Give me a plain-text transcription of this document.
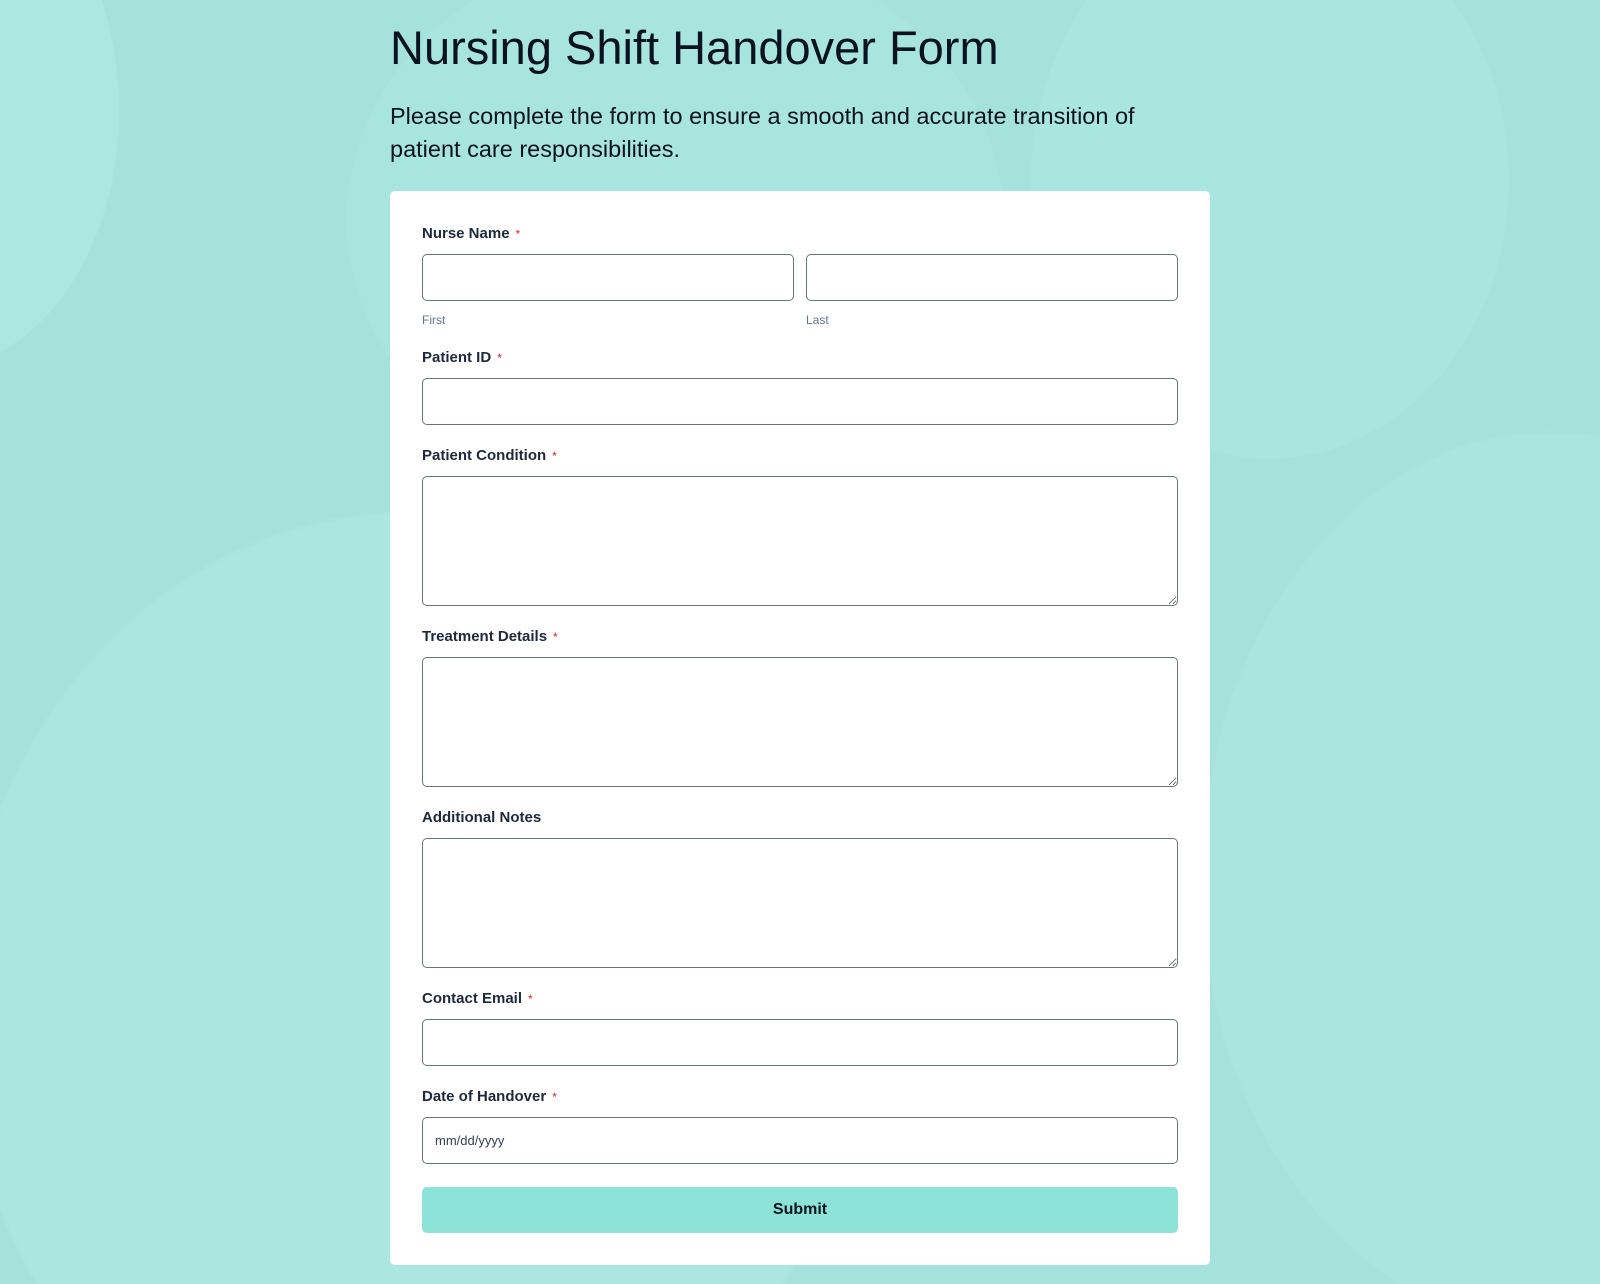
Nursing Shift Handover Form
Please complete the form to ensure a smooth and accurate transition of patient care responsibilities.
Nurse Name *
First	Last
Patient ID *
Patient Condition *
Treatment Details *
Additional Notes
Contact Email *
Date of Handover *
mm/dd/yyyy
Submit
